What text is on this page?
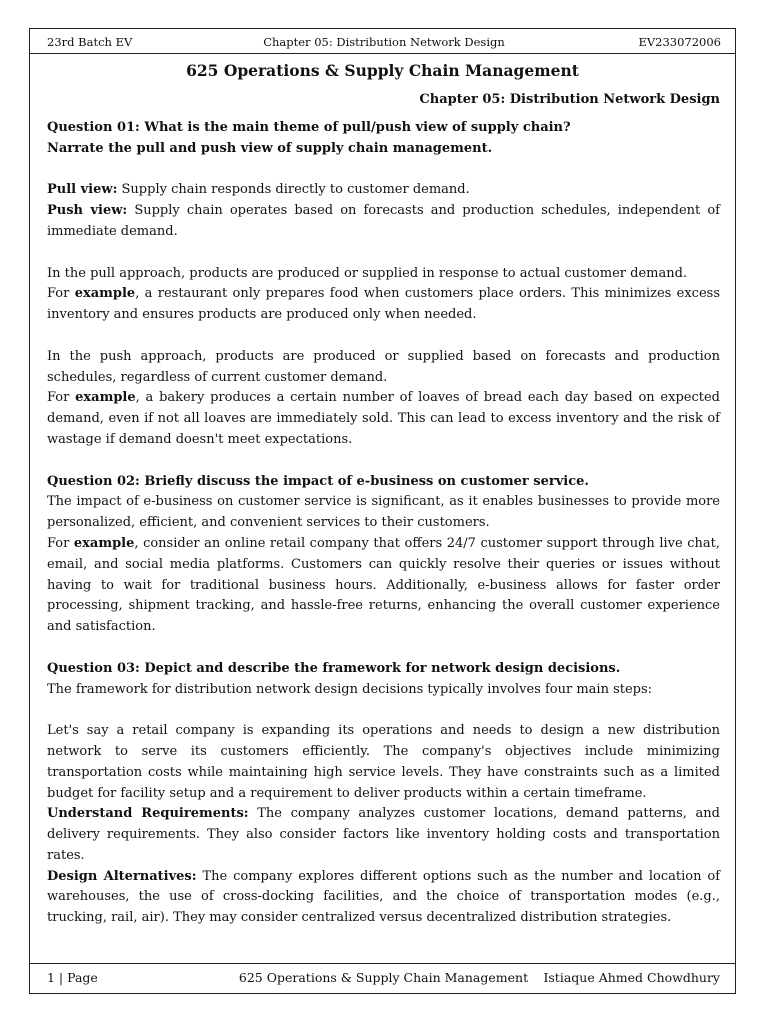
23rd Batch EV	Chapter 05: Distribution Network Design	EV233072006
625 Operations & Supply Chain Management
Chapter 05: Distribution Network Design

Question 01: What is the main theme of pull/push view of supply chain?
Narrate the pull and push view of supply chain management.

Pull view: Supply chain responds directly to customer demand.

Push view: Supply chain operates based on forecasts and production schedules, independent of immediate demand.

In the pull approach, products are produced or supplied in response to actual customer demand.
For example, a restaurant only prepares food when customers place orders. This minimizes excess inventory and ensures products are produced only when needed.

In the push approach, products are produced or supplied based on forecasts and production schedules, regardless of current customer demand.
For example, a bakery produces a certain number of loaves of bread each day based on expected demand, even if not all loaves are immediately sold. This can lead to excess inventory and the risk of wastage if demand doesn't meet expectations.

Question 02: Briefly discuss the impact of e-business on customer service.

The impact of e-business on customer service is significant, as it enables businesses to provide more personalized, efficient, and convenient services to their customers.
For example, consider an online retail company that offers 24/7 customer support through live chat, email, and social media platforms. Customers can quickly resolve their queries or issues without having to wait for traditional business hours. Additionally, e-business allows for faster order processing, shipment tracking, and hassle-free returns, enhancing the overall customer experience and satisfaction.

Question 03: Depict and describe the framework for network design decisions.

The framework for distribution network design decisions typically involves four main steps:

Let's say a retail company is expanding its operations and needs to design a new distribution network to serve its customers efficiently. The company's objectives include minimizing transportation costs while maintaining high service levels. They have constraints such as a limited budget for facility setup and a requirement to deliver products within a certain timeframe.

Understand Requirements: The company analyzes customer locations, demand patterns, and delivery requirements. They also consider factors like inventory holding costs and transportation rates.

Design Alternatives: The company explores different options such as the number and location of warehouses, the use of cross-docking facilities, and the choice of transportation modes (e.g., trucking, rail, air). They may consider centralized versus decentralized distribution strategies.

1 | Page	625 Operations & Supply Chain Management	Istiaque Ahmed Chowdhury
